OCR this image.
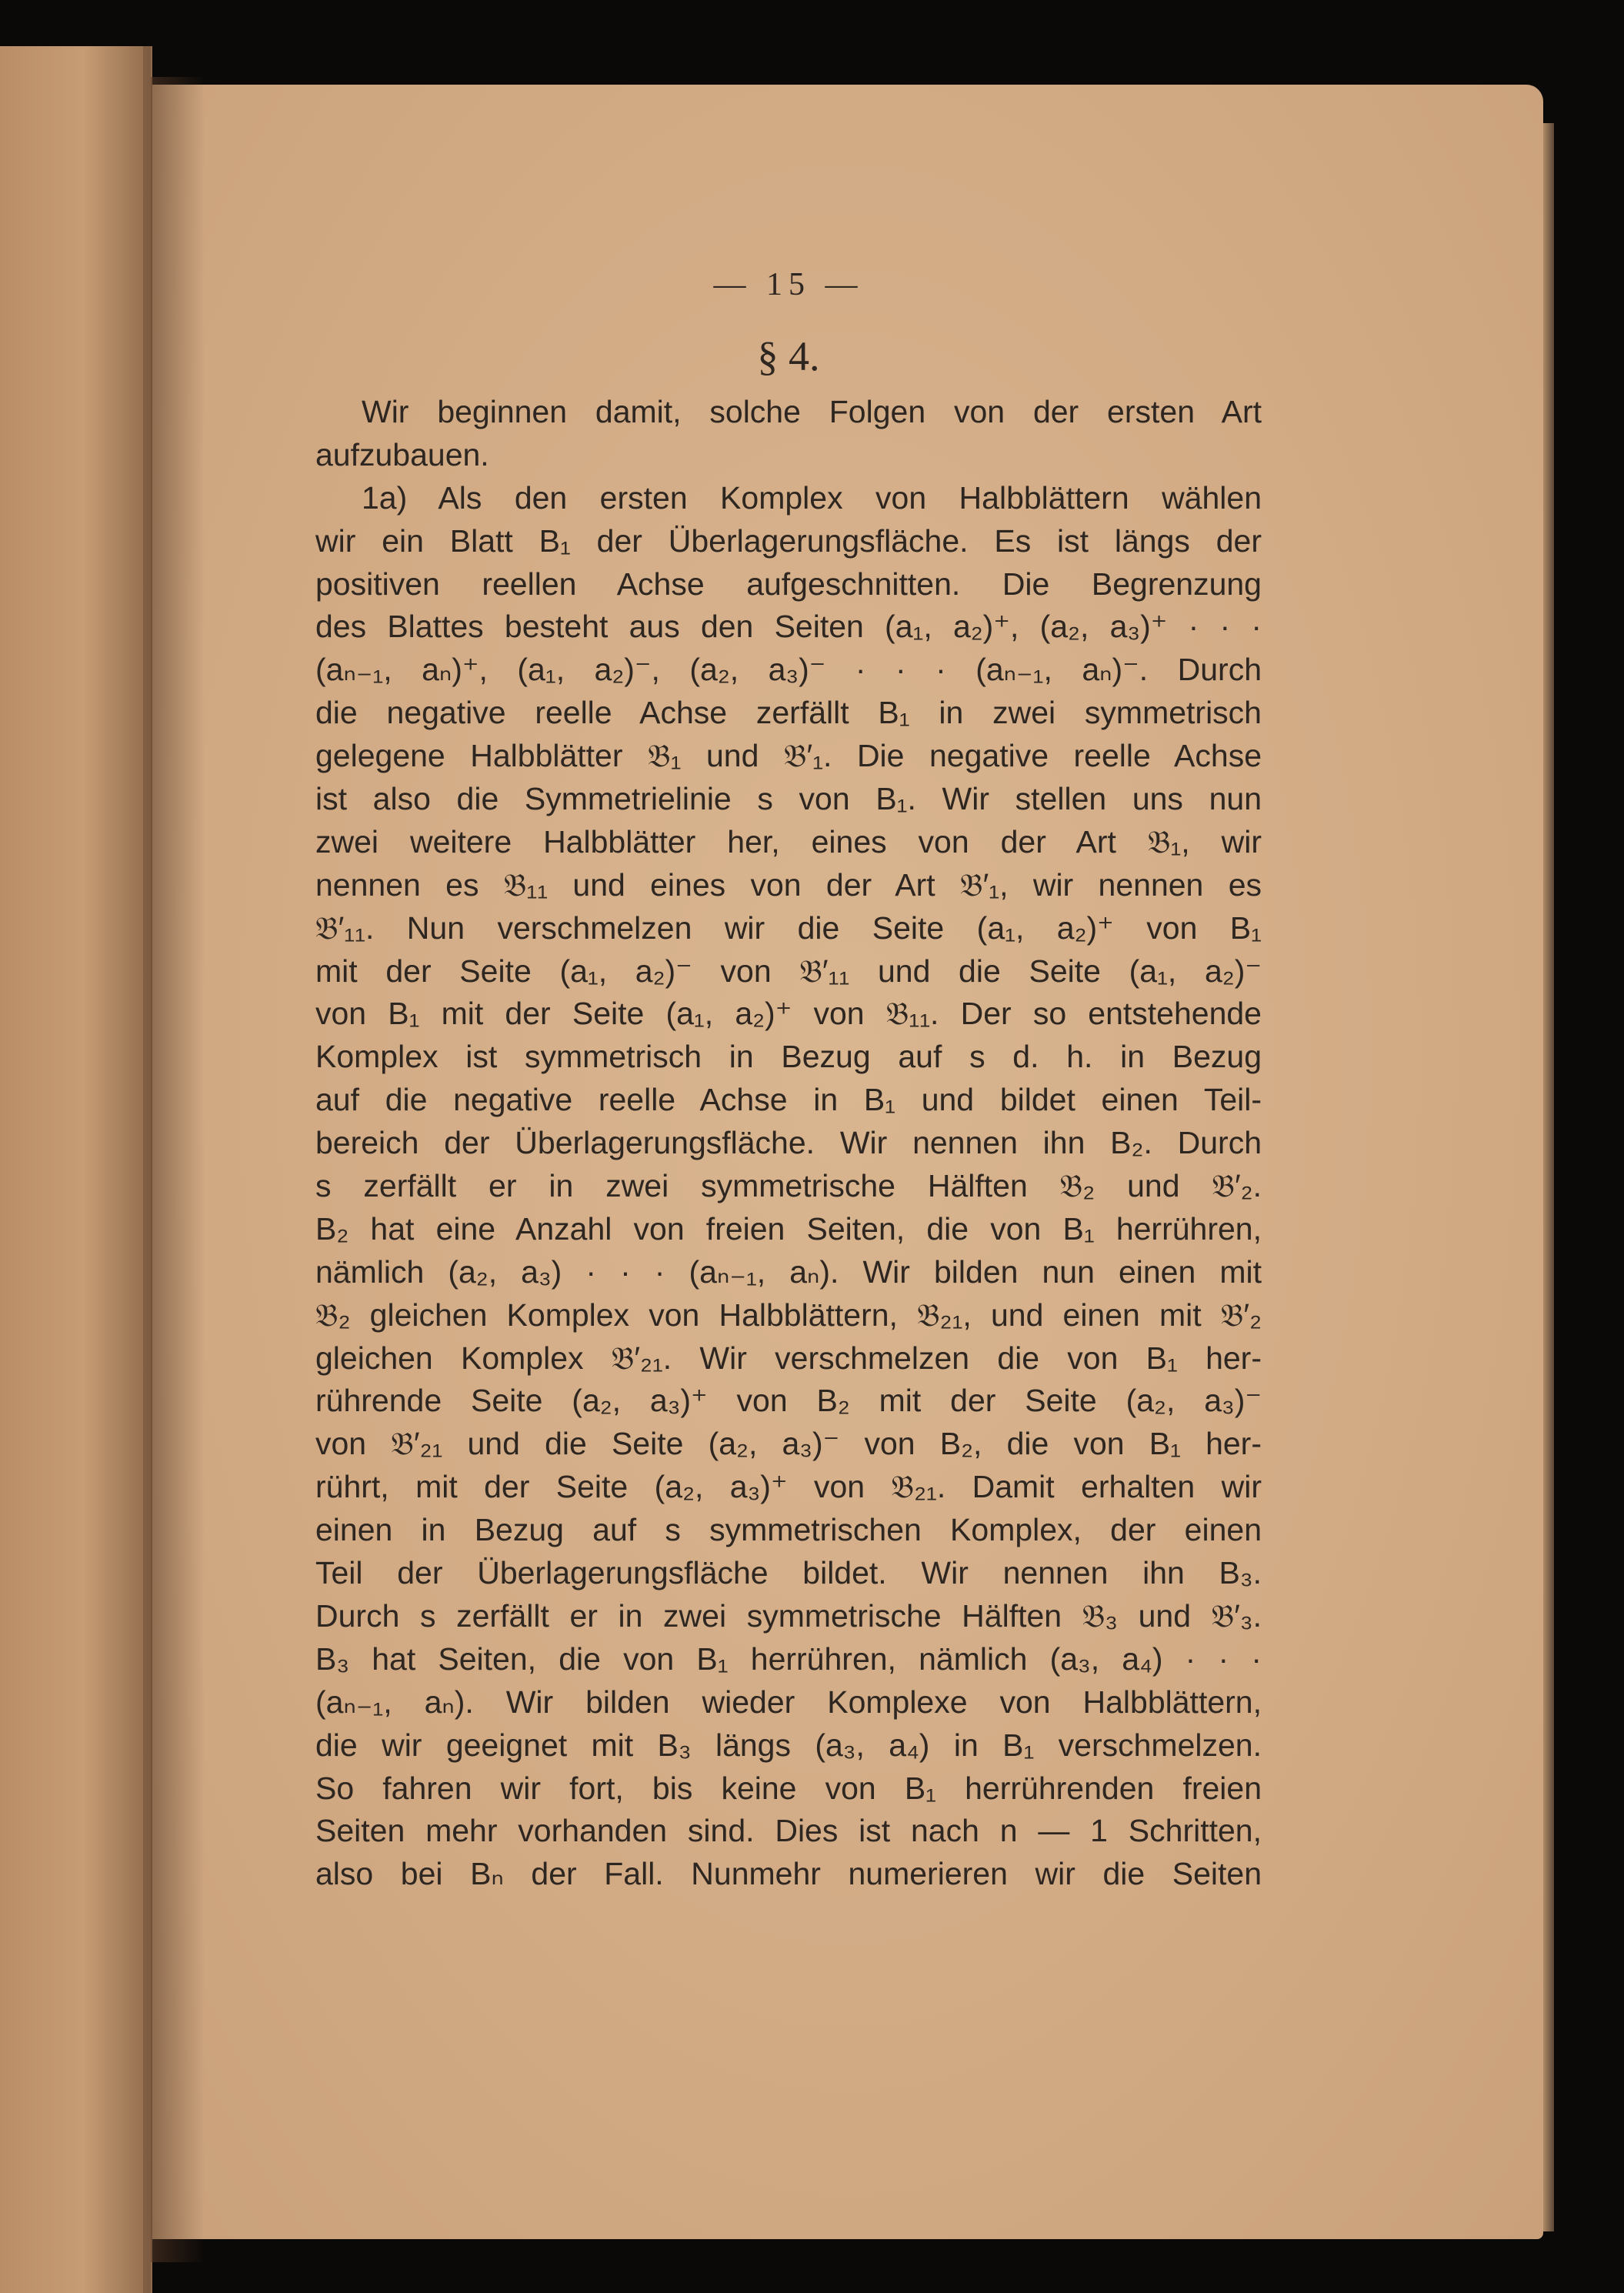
— 15 —
§ 4.
Wir beginnen damit, solche Folgen von der ersten Art
aufzubauen.
1a) Als den ersten Komplex von Halbblättern wählen
wir ein Blatt B₁ der Überlagerungsfläche. Es ist längs der
positiven reellen Achse aufgeschnitten. Die Begrenzung
des Blattes besteht aus den Seiten (a₁, a₂)⁺, (a₂, a₃)⁺ · · ·
(aₙ₋₁, aₙ)⁺, (a₁, a₂)⁻, (a₂, a₃)⁻ · · · (aₙ₋₁, aₙ)⁻. Durch
die negative reelle Achse zerfällt B₁ in zwei symmetrisch
gelegene Halbblätter 𝔅₁ und 𝔅′₁. Die negative reelle Achse
ist also die Symmetrielinie s von B₁. Wir stellen uns nun
zwei weitere Halbblätter her, eines von der Art 𝔅₁, wir
nennen es 𝔅₁₁ und eines von der Art 𝔅′₁, wir nennen es
𝔅′₁₁. Nun verschmelzen wir die Seite (a₁, a₂)⁺ von B₁
mit der Seite (a₁, a₂)⁻ von 𝔅′₁₁ und die Seite (a₁, a₂)⁻
von B₁ mit der Seite (a₁, a₂)⁺ von 𝔅₁₁. Der so entstehende
Komplex ist symmetrisch in Bezug auf s d. h. in Bezug
auf die negative reelle Achse in B₁ und bildet einen Teil-
bereich der Überlagerungsfläche. Wir nennen ihn B₂. Durch
s zerfällt er in zwei symmetrische Hälften 𝔅₂ und 𝔅′₂.
B₂ hat eine Anzahl von freien Seiten, die von B₁ herrühren,
nämlich (a₂, a₃) · · · (aₙ₋₁, aₙ). Wir bilden nun einen mit
𝔅₂ gleichen Komplex von Halbblättern, 𝔅₂₁, und einen mit 𝔅′₂
gleichen Komplex 𝔅′₂₁. Wir verschmelzen die von B₁ her-
rührende Seite (a₂, a₃)⁺ von B₂ mit der Seite (a₂, a₃)⁻
von 𝔅′₂₁ und die Seite (a₂, a₃)⁻ von B₂, die von B₁ her-
rührt, mit der Seite (a₂, a₃)⁺ von 𝔅₂₁. Damit erhalten wir
einen in Bezug auf s symmetrischen Komplex, der einen
Teil der Überlagerungsfläche bildet. Wir nennen ihn B₃.
Durch s zerfällt er in zwei symmetrische Hälften 𝔅₃ und 𝔅′₃.
B₃ hat Seiten, die von B₁ herrühren, nämlich (a₃, a₄) · · ·
(aₙ₋₁, aₙ). Wir bilden wieder Komplexe von Halbblättern,
die wir geeignet mit B₃ längs (a₃, a₄) in B₁ verschmelzen.
So fahren wir fort, bis keine von B₁ herrührenden freien
Seiten mehr vorhanden sind. Dies ist nach n — 1 Schritten,
also bei Bₙ der Fall. Nunmehr numerieren wir die Seiten
